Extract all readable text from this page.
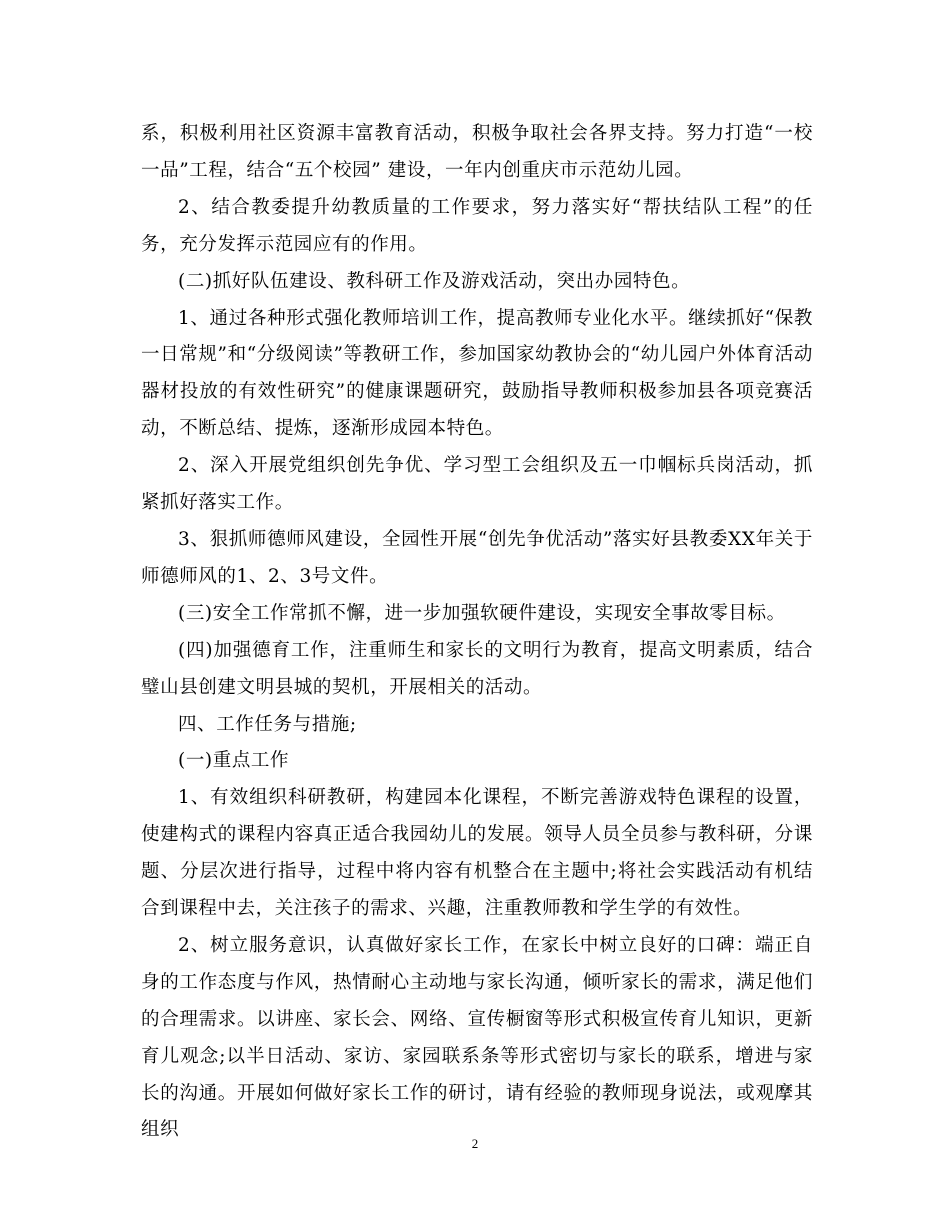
系，积极利用社区资源丰富教育活动，积极争取社会各界支持。努力打造“一校一品”工程，结合“五个校园” 建设，一年内创重庆市示范幼儿园。

2、结合教委提升幼教质量的工作要求，努力落实好“帮扶结队工程”的任务，充分发挥示范园应有的作用。

(二)抓好队伍建设、教科研工作及游戏活动，突出办园特色。

1、通过各种形式强化教师培训工作，提高教师专业化水平。继续抓好“保教一日常规”和“分级阅读”等教研工作，参加国家幼教协会的“幼儿园户外体育活动器材投放的有效性研究”的健康课题研究，鼓励指导教师积极参加县各项竞赛活动，不断总结、提炼，逐渐形成园本特色。

2、深入开展党组织创先争优、学习型工会组织及五一巾帼标兵岗活动，抓紧抓好落实工作。

3、狠抓师德师风建设，全园性开展“创先争优活动”落实好县教委XX年关于师德师风的1、2、3号文件。

(三)安全工作常抓不懈，进一步加强软硬件建设，实现安全事故零目标。

(四)加强德育工作，注重师生和家长的文明行为教育，提高文明素质，结合璧山县创建文明县城的契机，开展相关的活动。

四、工作任务与措施;

(一)重点工作

1、有效组织科研教研，构建园本化课程，不断完善游戏特色课程的设置，使建构式的课程内容真正适合我园幼儿的发展。领导人员全员参与教科研，分课题、分层次进行指导，过程中将内容有机整合在主题中;将社会实践活动有机结合到课程中去，关注孩子的需求、兴趣，注重教师教和学生学的有效性。

2、树立服务意识，认真做好家长工作，在家长中树立良好的口碑：端正自身的工作态度与作风，热情耐心主动地与家长沟通，倾听家长的需求，满足他们的合理需求。以讲座、家长会、网络、宣传橱窗等形式积极宣传育儿知识，更新育儿观念;以半日活动、家访、家园联系条等形式密切与家长的联系，增进与家长的沟通。开展如何做好家长工作的研讨，请有经验的教师现身说法，或观摩其组织

2
